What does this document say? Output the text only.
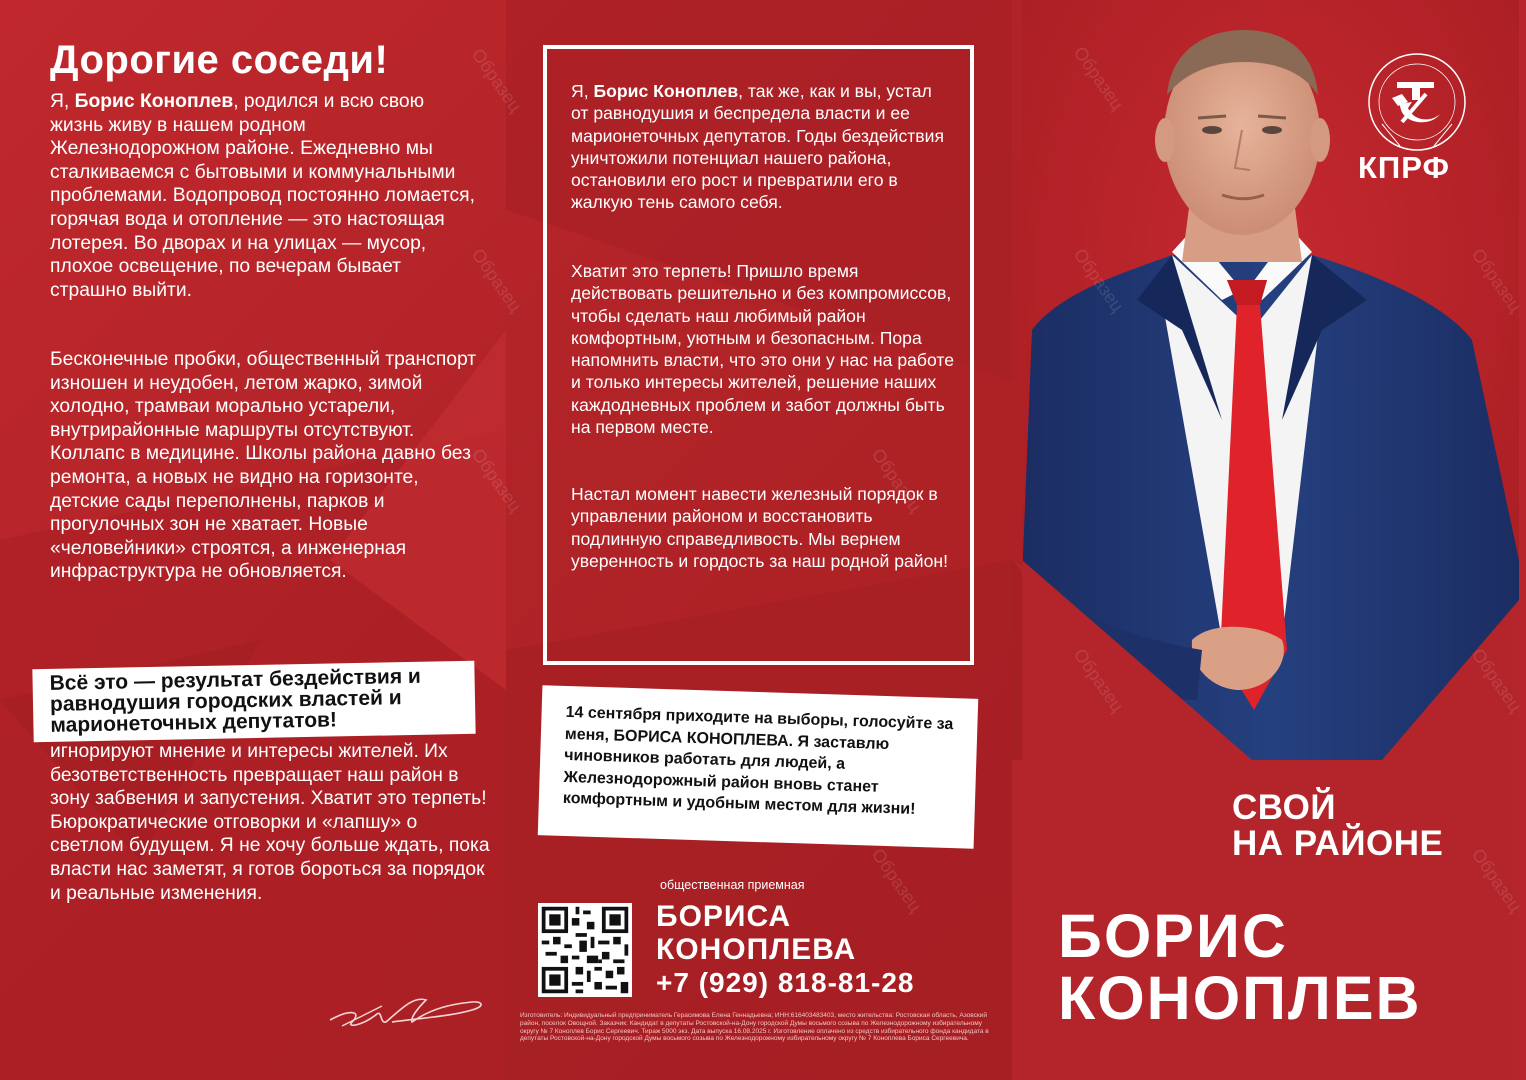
Дорогие соседи!

Я, Борис Коноплев, родился и всю свою жизнь живу в нашем родном Железнодорожном районе. Ежедневно мы сталкиваемся с бытовыми и коммунальными проблемами. Водопровод постоянно ломается, горячая вода и отопление — это настоящая лотерея. Во дворах и на улицах — мусор, плохое освещение, по вечерам бывает страшно выйти.

Бесконечные пробки, общественный транспорт изношен и неудобен, летом жарко, зимой холодно, трамваи морально устарели, внутрирайонные маршруты отсутствуют. Коллапс в медицине. Школы района давно без ремонта, а новых не видно на горизонте, детские сады переполнены, парков и прогулочных зон не хватает. Новые «человейники» строятся, а инженерная инфраструктура не обновляется.

Всё это — результат бездействия и равнодушия городских властей и марионеточных депутатов!

игнорируют мнение и интересы жителей. Их безответственность превращает наш район в зону забвения и запустения. Хватит это терпеть! Бюрократические отговорки и «лапшу» о светлом будущем. Я не хочу больше ждать, пока власти нас заметят, я готов бороться за порядок и реальные изменения.

Я, Борис Коноплев, так же, как и вы, устал от равнодушия и беспредела власти и ее марионеточных депутатов. Годы бездействия уничтожили потенциал нашего района, остановили его рост и превратили его в жалкую тень самого себя.

Хватит это терпеть! Пришло время действовать решительно и без компромиссов, чтобы сделать наш любимый район комфортным, уютным и безопасным. Пора напомнить власти, что это они у нас на работе и только интересы жителей, решение наших каждодневных проблем и забот должны быть на первом месте.

Настал момент навести железный порядок в управлении районом и восстановить подлинную справедливость. Мы вернем уверенность и гордость за наш родной район!

14 сентября приходите на выборы, голосуйте за меня, БОРИСА КОНОПЛЕВА. Я заставлю чиновников работать для людей, а Железнодорожный район вновь станет комфортным и удобным местом для жизни!

общественная приемная

БОРИСА
КОНОПЛЕВА

+7 (929) 818-81-28

Изготовитель: Индивидуальный предприниматель Герасимова Елена Геннадьевна; ИНН:616403483403, место жительства: Ростовская область, Азовский район, поселок Овощной. Заказчик: Кандидат в депутаты Ростовской-на-Дону городской Думы восьмого созыва по Железнодорожному избирательному округу № 7 Коноплев Борис Сергеевич. Тираж 5000 экз. Дата выпуска 16.08.2025 г. Изготовление оплачено из средств избирательного фонда кандидата в депутаты Ростовской-на-Дону городской Думы восьмого созыва по Железнодорожному избирательному округу № 7 Коноплева Бориса Сергеевича.

КПРФ

СВОЙ
НА РАЙОНЕ

БОРИС
КОНОПЛЕВ

Образец
Образец
Образец
